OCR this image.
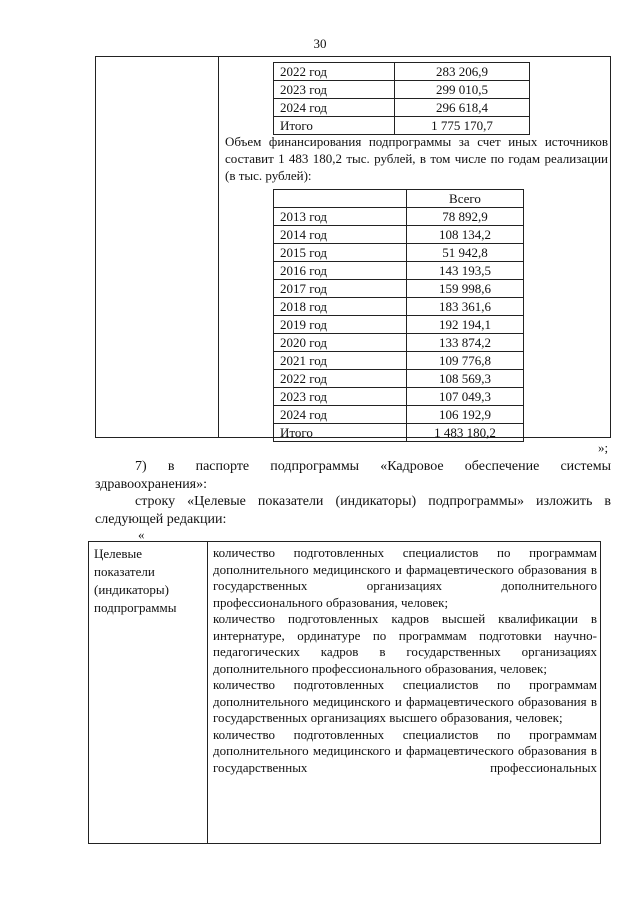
30
2022 год	283 206,9
2023 год	299 010,5
2024 год	296 618,4
Итого	1 775 170,7
Объем финансирования подпрограммы за счет иных источников составит 1 483 180,2 тыс. рублей, в том числе по годам реализации (в тыс. рублей):
	Всего
2013 год	78 892,9
2014 год	108 134,2
2015 год	51 942,8
2016 год	143 193,5
2017 год	159 998,6
2018 год	183 361,6
2019 год	192 194,1
2020 год	133 874,2
2021 год	109 776,8
2022 год	108 569,3
2023 год	107 049,3
2024 год	106 192,9
Итого	1 483 180,2
»;
7) в паспорте подпрограммы «Кадровое обеспечение системы здравоохранения»:
строку «Целевые показатели (индикаторы) подпрограммы» изложить в следующей редакции:
«
Целевые показатели (индикаторы) подпрограммы
количество подготовленных специалистов по программам дополнительного медицинского и фармацевтического образования в государственных организациях дополнительного профессионального образования, человек;
количество подготовленных кадров высшей квалификации в интернатуре, ординатуре по программам подготовки научно-педагогических кадров в государственных организациях дополнительного профессионального образования, человек;
количество подготовленных специалистов по программам дополнительного медицинского и фармацевтического образования в государственных организациях высшего образования, человек;
количество подготовленных специалистов по программам дополнительного медицинского и фармацевтического образования в государственных профессиональных
